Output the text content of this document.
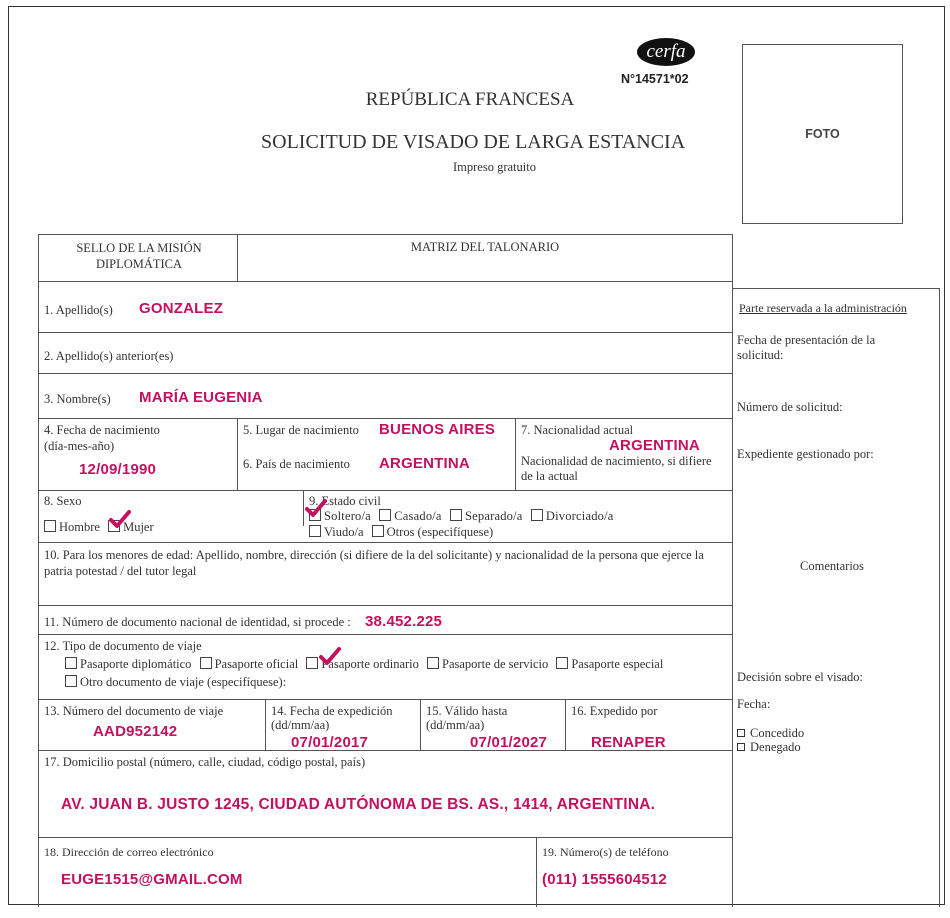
cerfa
N°14571*02
REPÚBLICA FRANCESA
SOLICITUD DE VISADO DE LARGA ESTANCIA
Impreso gratuito
FOTO
SELLO DE LA MISIÓN DIPLOMÁTICA
MATRIZ DEL TALONARIO
1. Apellido(s) GONZALEZ
2. Apellido(s) anterior(es)
3. Nombre(s) MARÍA EUGENIA
4. Fecha de nacimiento
(día-mes-año)
12/09/1990
5. Lugar de nacimiento BUENOS AIRES
6. País de nacimiento ARGENTINA
7. Nacionalidad actual
ARGENTINA
Nacionalidad de nacimiento, si difiere de la actual
8. Sexo
Hombre Mujer
9. Estado civil
Soltero/a Casado/a Separado/a Divorciado/a
Viudo/a Otros (especifíquese)
10. Para los menores de edad: Apellido, nombre, dirección (si difiere de la del solicitante) y nacionalidad de la persona que ejerce la patria potestad / del tutor legal
11. Número de documento nacional de identidad, si procede : 38.452.225
12. Tipo de documento de viaje
Pasaporte diplomático Pasaporte oficial Pasaporte ordinario Pasaporte de servicio Pasaporte especial
Otro documento de viaje (especifíquese):
13. Número del documento de viaje
AAD952142
14. Fecha de expedición
(dd/mm/aa)
07/01/2017
15. Válido hasta
(dd/mm/aa)
07/01/2027
16. Expedido por
RENAPER
17. Domicilio postal (número, calle, ciudad, código postal, país)
AV. JUAN B. JUSTO 1245, CIUDAD AUTÓNOMA DE BS. AS., 1414, ARGENTINA.
18. Dirección de correo electrónico
EUGE1515@GMAIL.COM
19. Número(s) de teléfono
(011) 1555604512
Parte reservada a la administración
Fecha de presentación de la solicitud:
Número de solicitud:
Expediente gestionado por:
Comentarios
Decisión sobre el visado:
Fecha:
Concedido
Denegado
